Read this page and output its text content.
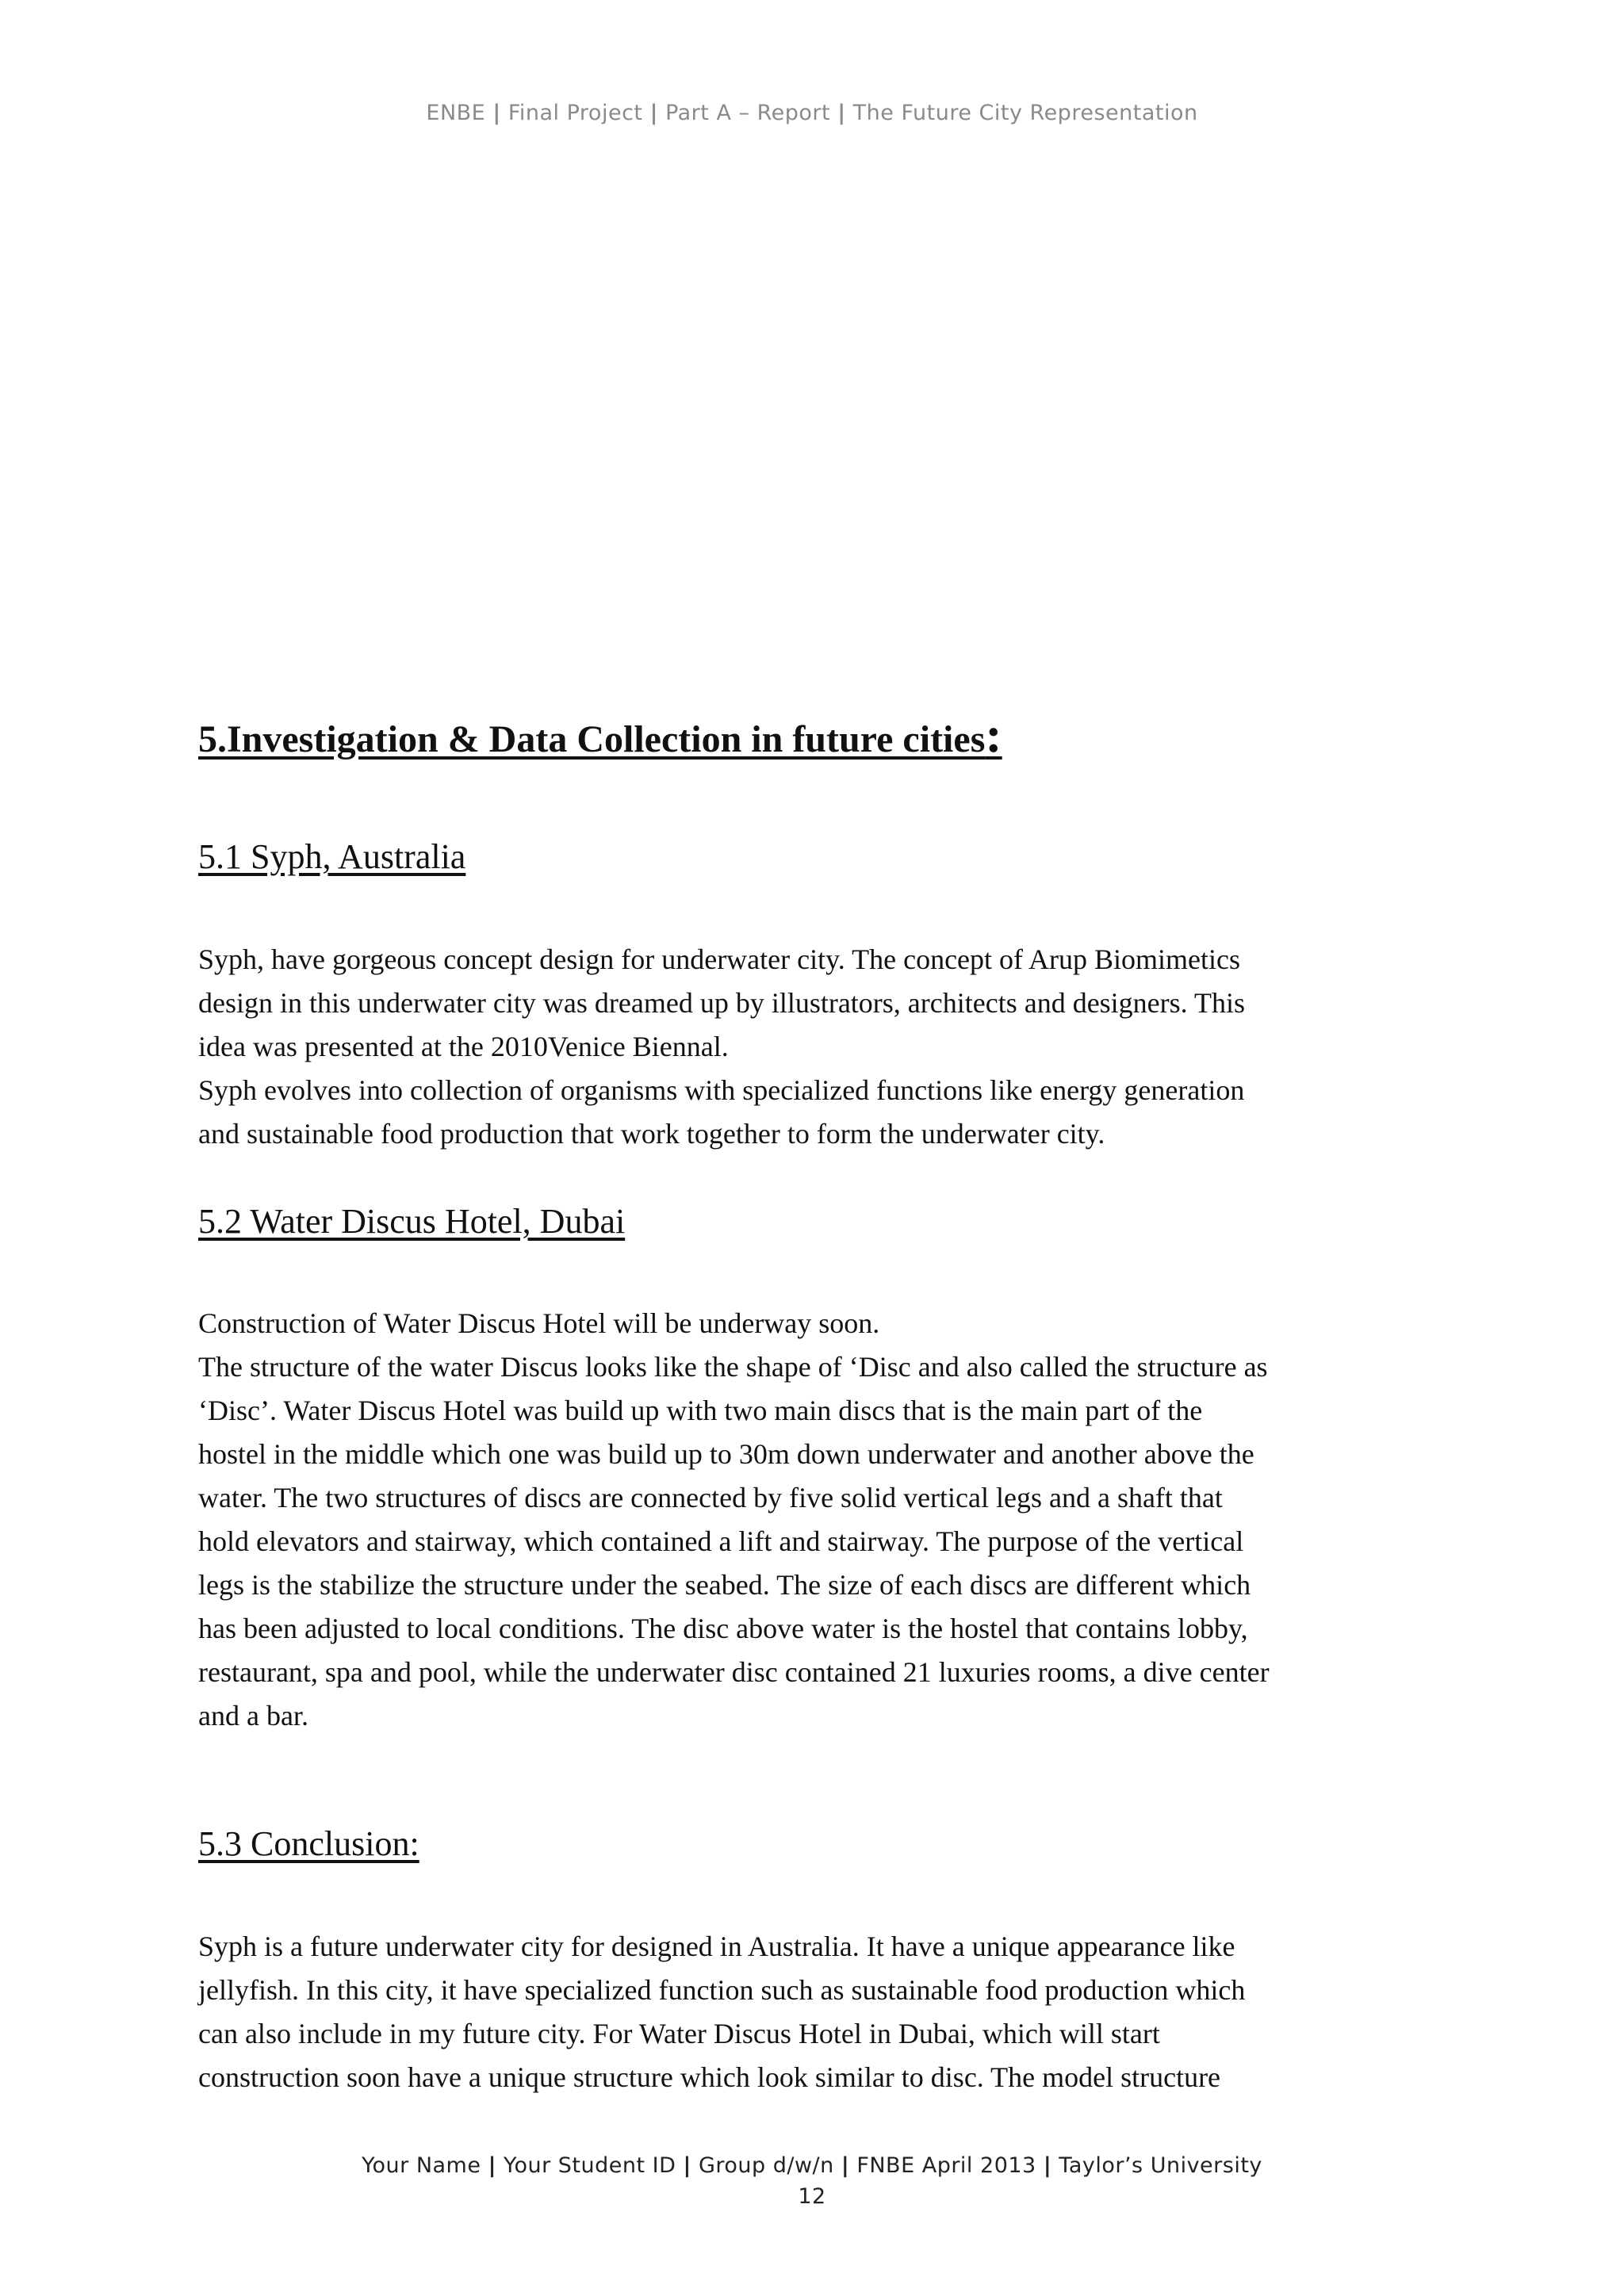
ENBE | Final Project | Part A – Report | The Future City Representation
5.Investigation & Data Collection in future cities:
5.1 Syph, Australia

Syph, have gorgeous concept design for underwater city. The concept of Arup Biomimetics
design in this underwater city was dreamed up by illustrators, architects and designers. This
idea was presented at the 2010Venice Biennal.
Syph evolves into collection of organisms with specialized functions like energy generation
and sustainable food production that work together to form the underwater city.

5.2 Water Discus Hotel, Dubai

Construction of Water Discus Hotel will be underway soon.
The structure of the water Discus looks like the shape of ‘Disc and also called the structure as
‘Disc’. Water Discus Hotel was build up with two main discs that is the main part of the
hostel in the middle which one was build up to 30m down underwater and another above the
water. The two structures of discs are connected by five solid vertical legs and a shaft that
hold elevators and stairway, which contained a lift and stairway. The purpose of the vertical
legs is the stabilize the structure under the seabed. The size of each discs are different which
has been adjusted to local conditions. The disc above water is the hostel that contains lobby,
restaurant, spa and pool, while the underwater disc contained 21 luxuries rooms, a dive center
and a bar.

5.3 Conclusion:

Syph is a future underwater city for designed in Australia. It have a unique appearance like
jellyfish. In this city, it have specialized function such as sustainable food production which
can also include in my future city. For Water Discus Hotel in Dubai, which will start
construction soon have a unique structure which look similar to disc. The model structure

Your Name | Your Student ID | Group d/w/n | FNBE April 2013 | Taylor’s University
12
